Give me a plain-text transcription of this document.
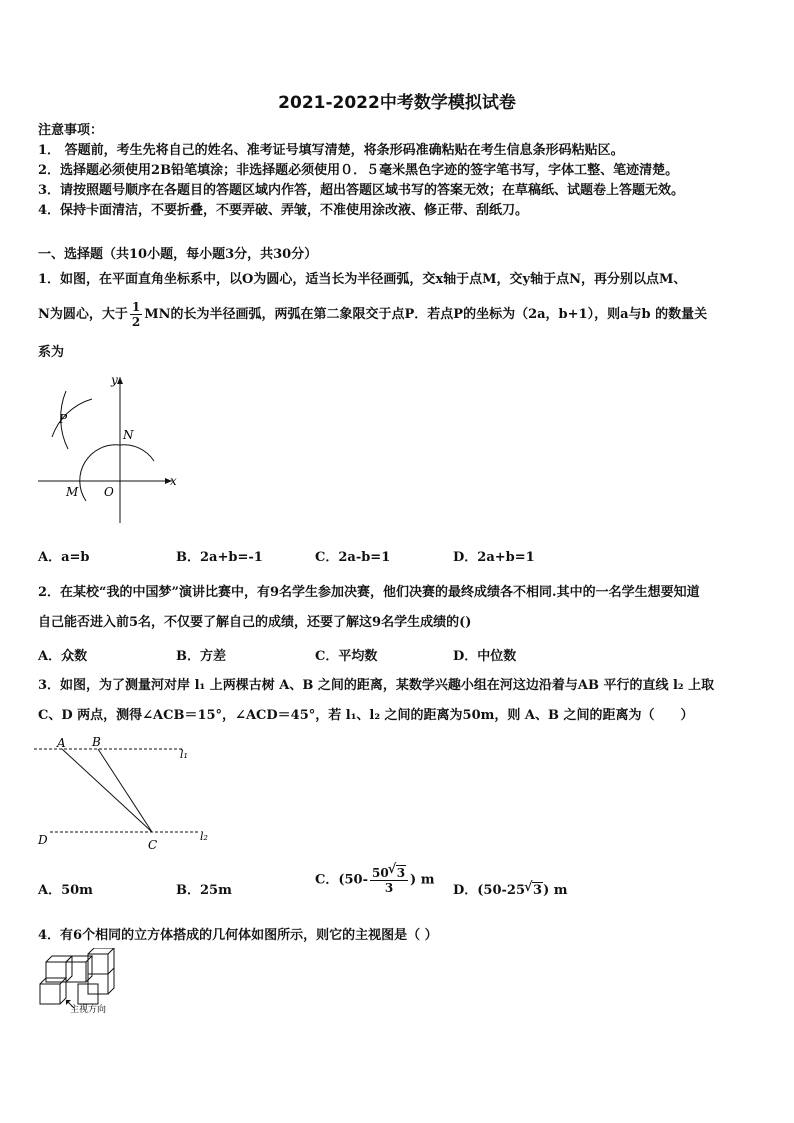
2021-2022中考数学模拟试卷
注意事项：
1． 答题前，考生先将自己的姓名、准考证号填写清楚，将条形码准确粘贴在考生信息条形码粘贴区。
2．选择题必须使用2B铅笔填涂；非选择题必须使用０．５毫米黑色字迹的签字笔书写，字体工整、笔迹清楚。
3．请按照题号顺序在各题目的答题区域内作答，超出答题区域书写的答案无效；在草稿纸、试题卷上答题无效。
4．保持卡面清洁，不要折叠，不要弄破、弄皱，不准使用涂改液、修正带、刮纸刀。
一、选择题（共10小题，每小题3分，共30分）
1．如图，在平面直角坐标系中，以O为圆心，适当长为半径画弧，交x轴于点M，交y轴于点N，再分别以点M、
N为圆心，大于 $\frac{1}{2}$ MN的长为半径画弧，两弧在第二象限交于点P．若点P的坐标为（2a，b+1），则a与b 的数量关
系为
y
x
P
N
M O
A．a=b	B．2a+b=-1	C．2a-b=1	D．2a+b=1
2．在某校“我的中国梦”演讲比赛中，有9名学生参加决赛，他们决赛的最终成绩各不相同.其中的一名学生想要知道
自己能否进入前5名，不仅要了解自己的成绩，还要了解这9名学生成绩的()
A．众数	B．方差	C．平均数	D．中位数
3．如图，为了测量河对岸 l₁ 上两棵古树 A、B 之间的距离，某数学兴趣小组在河这边沿着与AB 平行的直线 l₂ 上取
C、D 两点，测得∠ACB＝15°，∠ACD＝45°，若 l₁、l₂ 之间的距离为50m，则 A、B 之间的距离为（　　）
A B
C
D
l₁
l₂
A．50m	B．25m
C．($50- \frac{50 √ 3}{3}$ ) m
D．(50-25 √ 3) m
4．有6个相同的立方体搭成的几何体如图所示，则它的主视图是（ ）
主视方向
